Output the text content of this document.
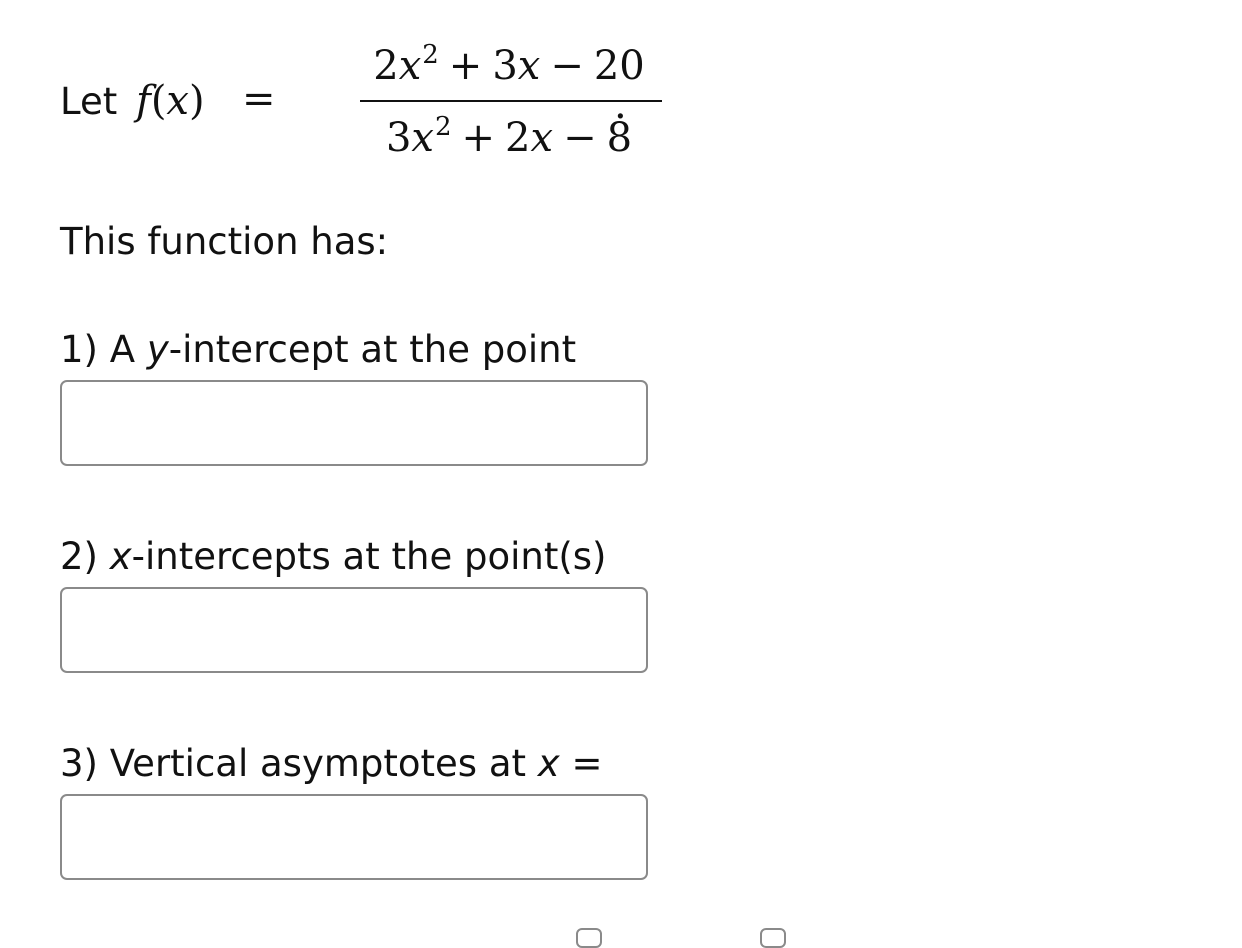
Let f(x) =
$2x^2 + 3x - 20$
$3x^2 + 2x - 8$
.

This function has:

1) A y-intercept at the point

2) x-intercepts at the point(s)

3) Vertical asymptotes at x =
